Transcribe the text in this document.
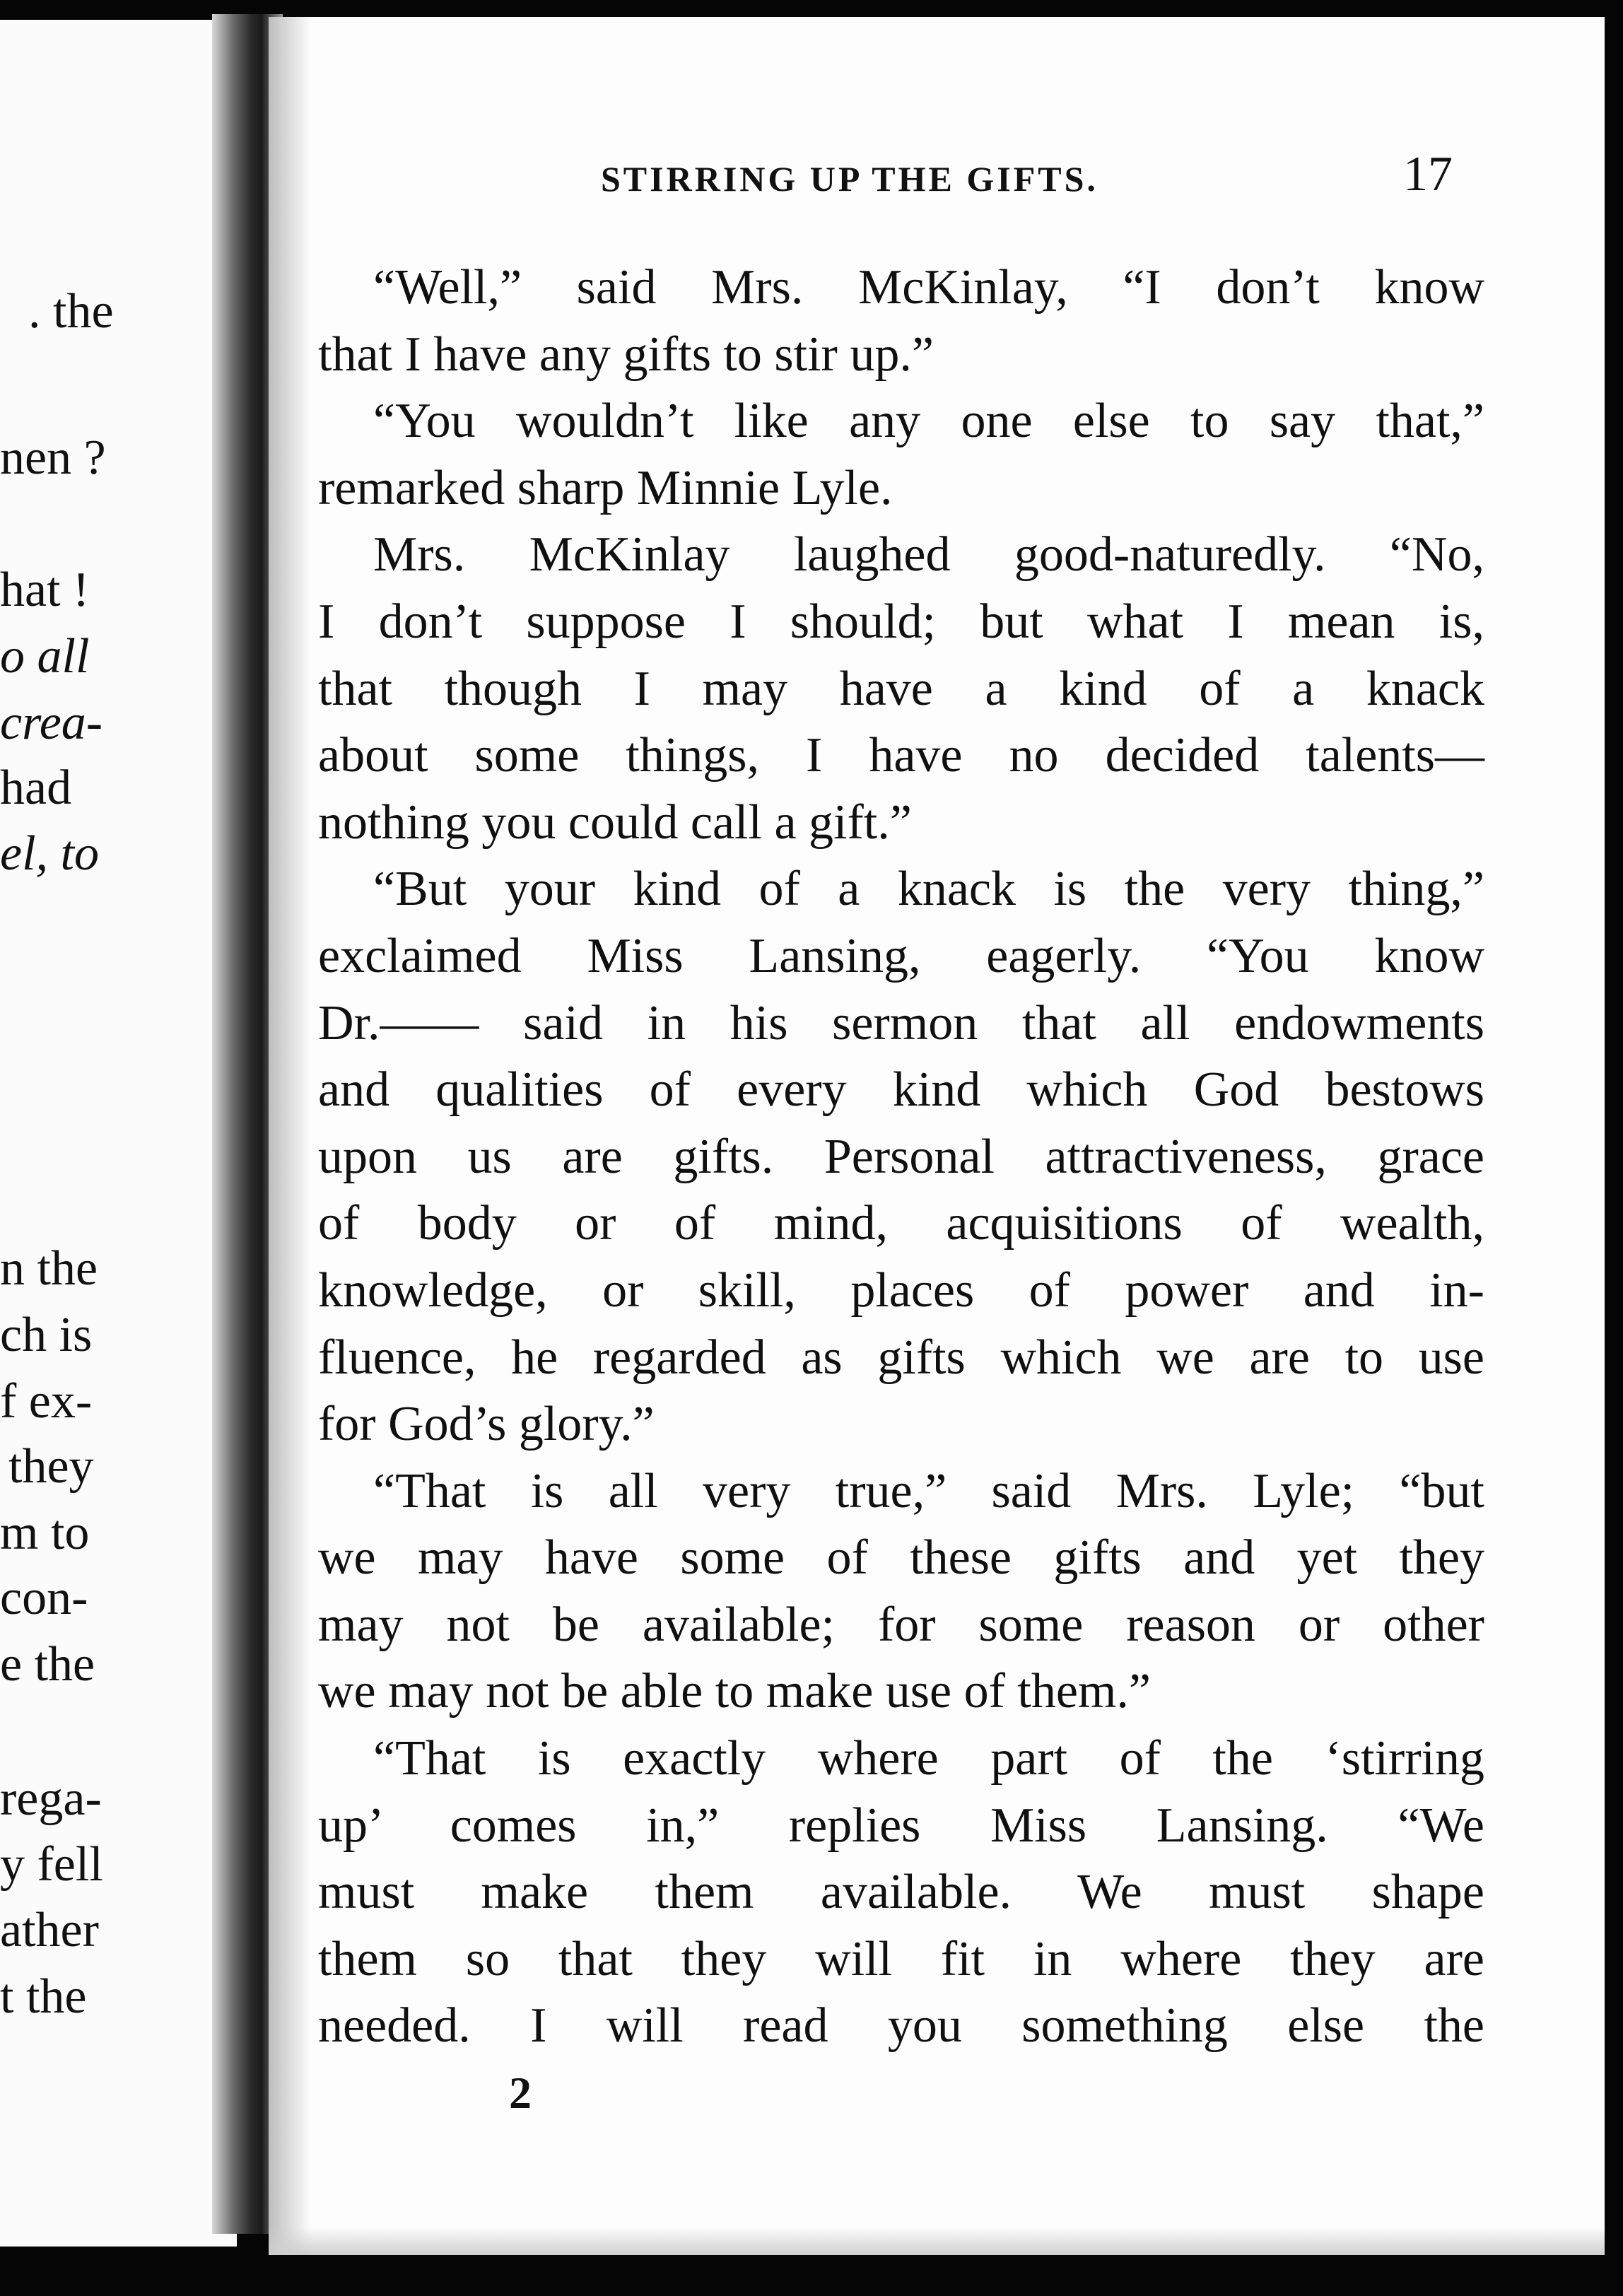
. the
nen ?
hat !
o all
crea-
had
el, to
n the
ch is
f ex-
they
m to
con-
e the
rega-
y fell
ather
t the
STIRRING UP THE GIFTS.	17
“Well,” said Mrs. McKinlay, “I don’t know
that I have any gifts to stir up.”
“You wouldn’t like any one else to say that,”
remarked sharp Minnie Lyle.
Mrs. McKinlay laughed good-naturedly. “No,
I don’t suppose I should; but what I mean is,
that though I may have a kind of a knack
about some things, I have no decided talents—
nothing you could call a gift.”
“But your kind of a knack is the very thing,”
exclaimed Miss Lansing, eagerly. “You know
Dr.—— said in his sermon that all endowments
and qualities of every kind which God bestows
upon us are gifts. Personal attractiveness, grace
of body or of mind, acquisitions of wealth,
knowledge, or skill, places of power and in-
fluence, he regarded as gifts which we are to use
for God’s glory.”
“That is all very true,” said Mrs. Lyle; “but
we may have some of these gifts and yet they
may not be available; for some reason or other
we may not be able to make use of them.”
“That is exactly where part of the ‘stirring
up’ comes in,” replies Miss Lansing. “We
must make them available. We must shape
them so that they will fit in where they are
needed. I will read you something else the
2
